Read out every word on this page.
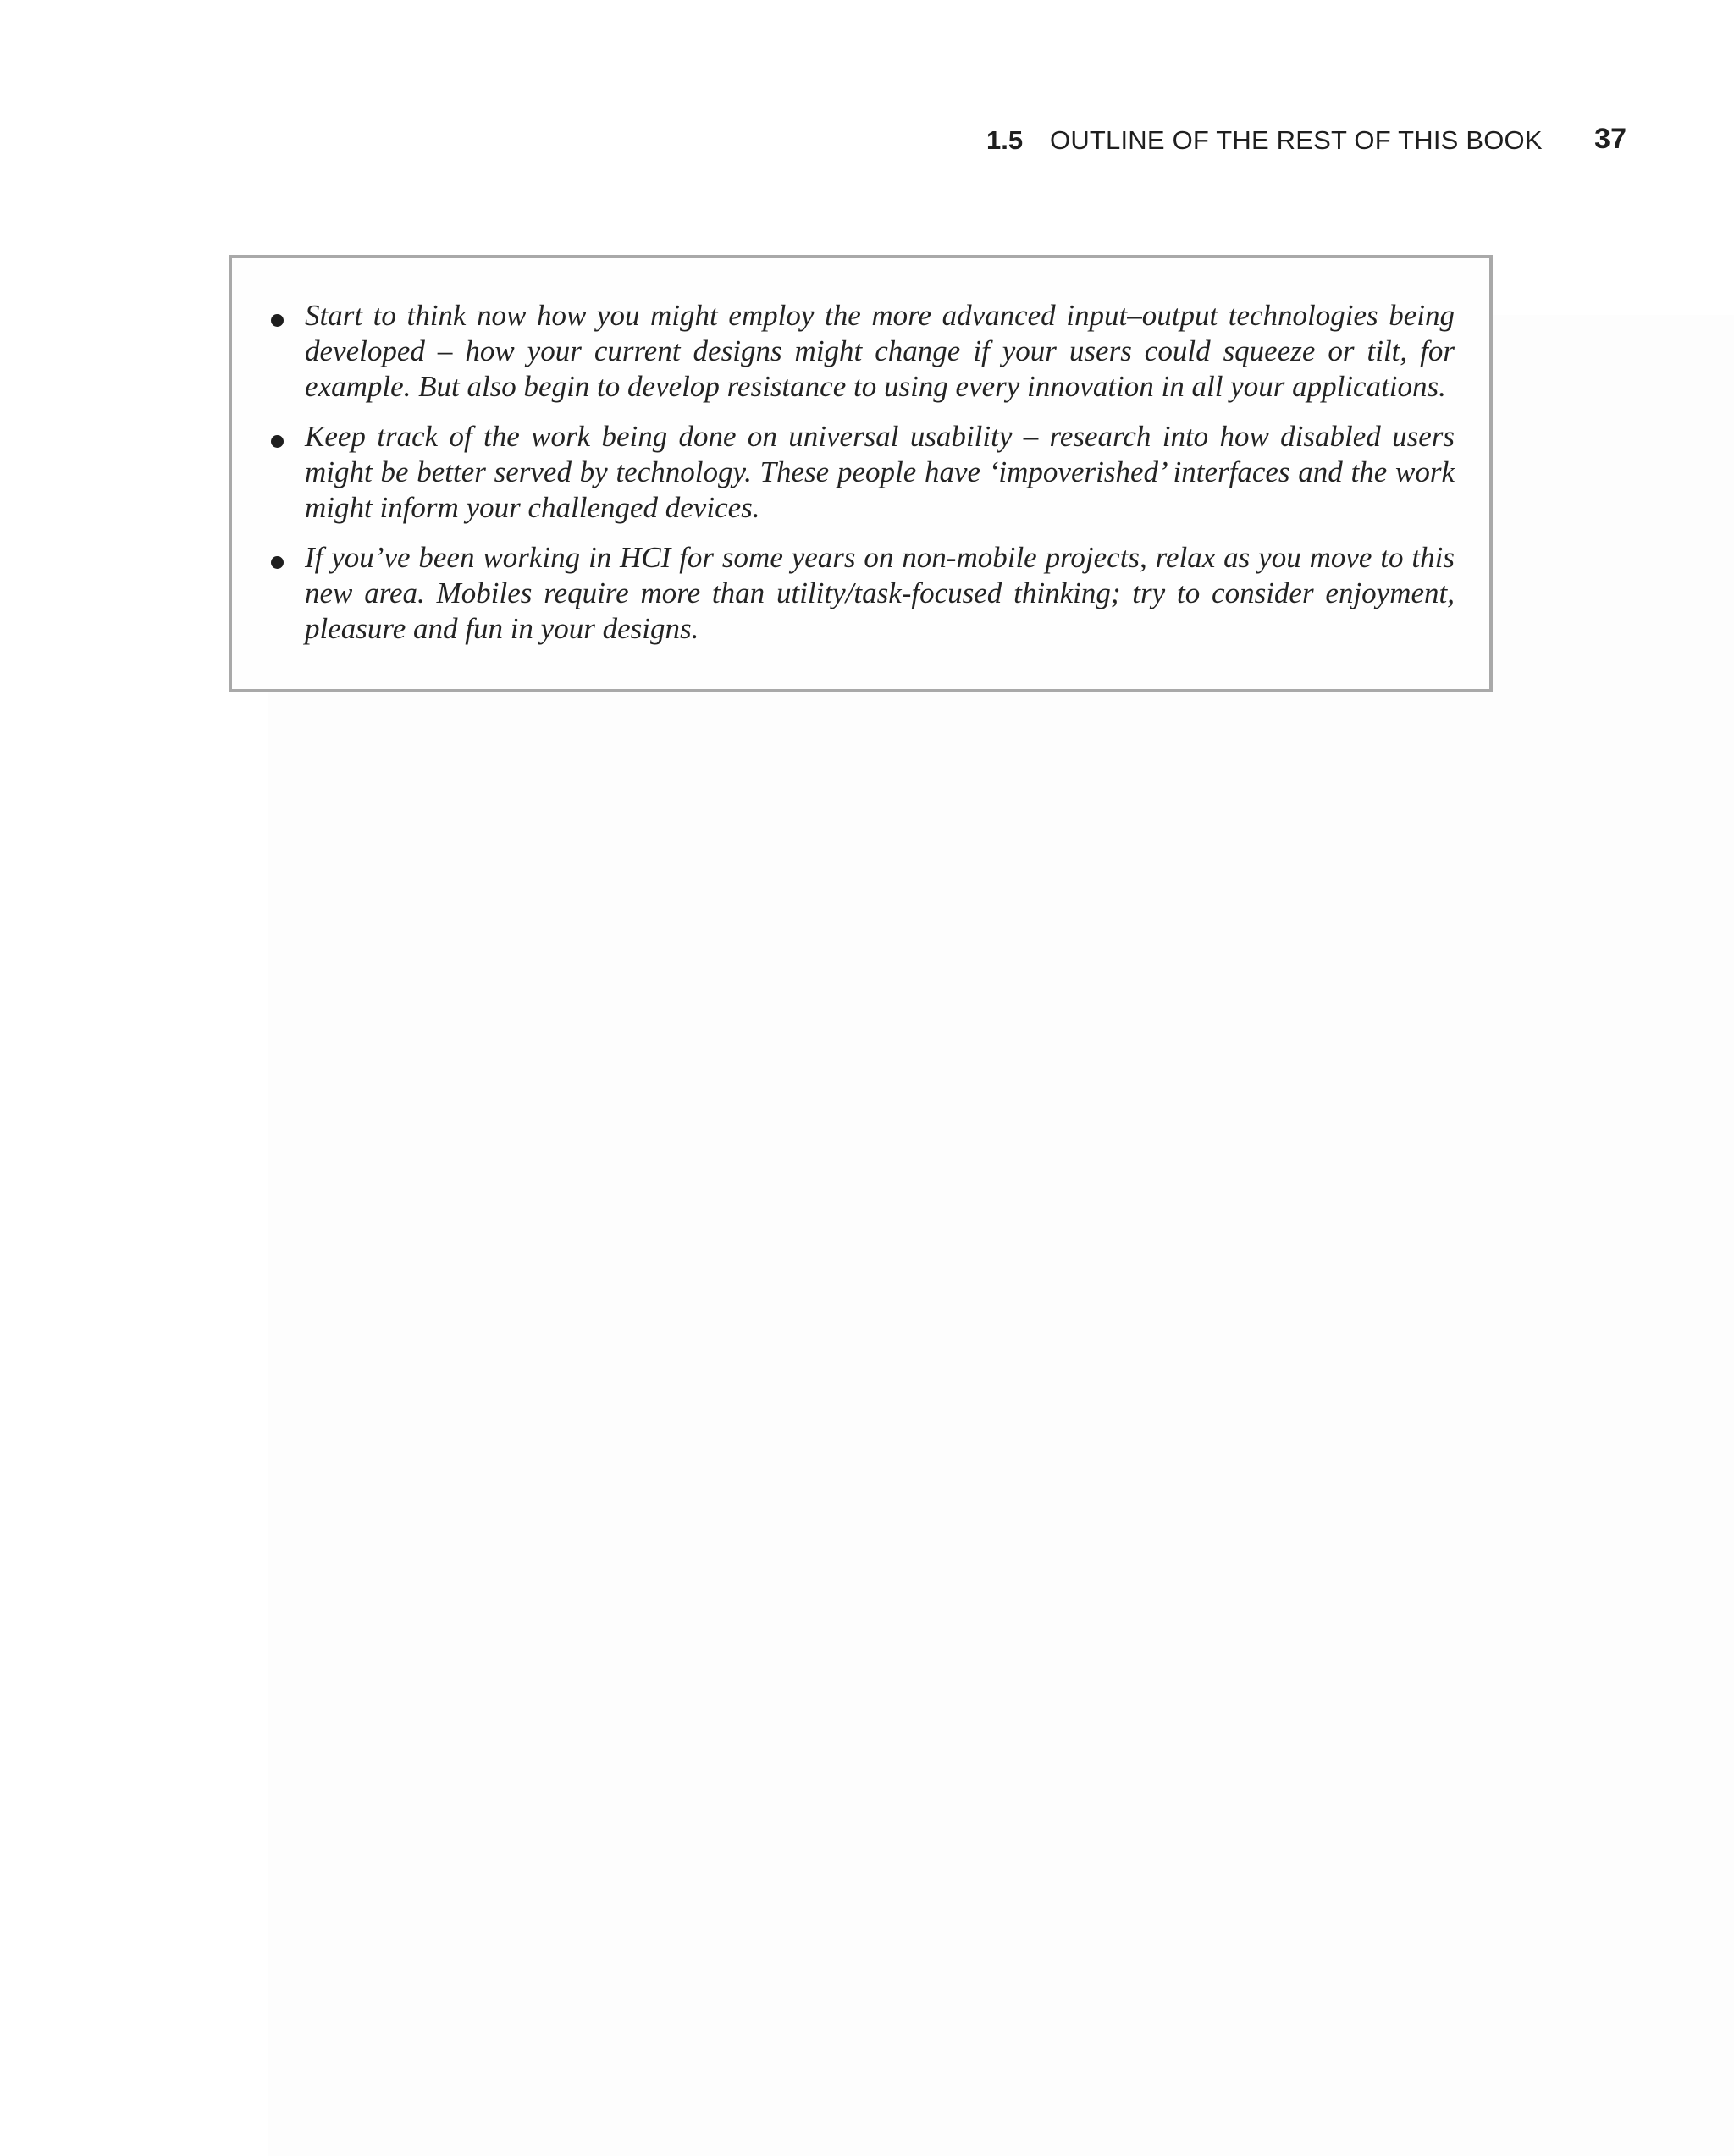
1.5 OUTLINE OF THE REST OF THIS BOOK 37
Start to think now how you might employ the more advanced input–output technologies being developed – how your current designs might change if your users could squeeze or tilt, for example. But also begin to develop resistance to using every innovation in all your applications.
Keep track of the work being done on universal usability – research into how disabled users might be better served by technology. These people have ‘impoverished’ interfaces and the work might inform your challenged devices.
If you’ve been working in HCI for some years on non-mobile projects, relax as you move to this new area. Mobiles require more than utility/task-focused thinking; try to consider enjoyment, pleasure and fun in your designs.
